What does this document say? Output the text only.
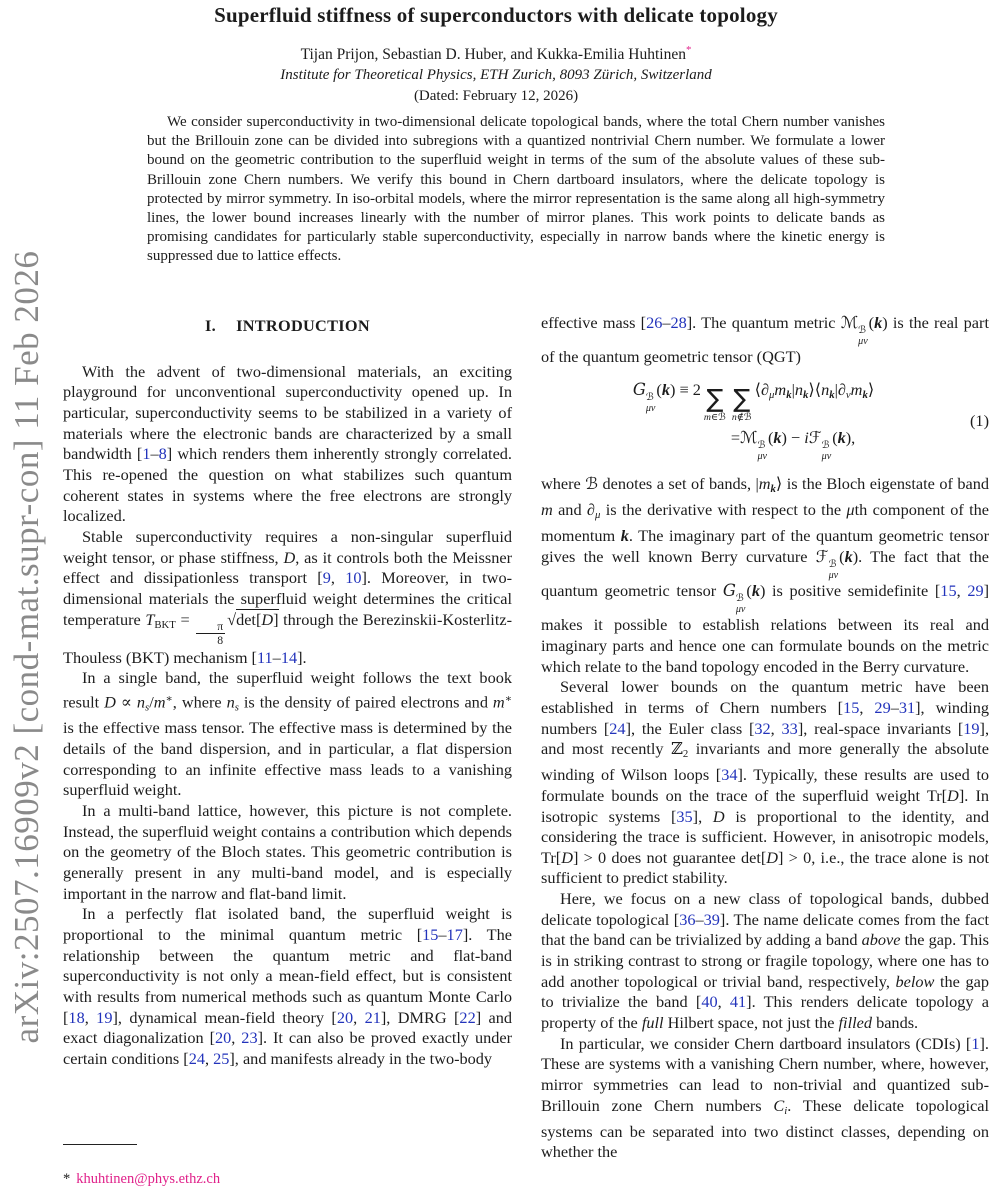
arXiv:2507.16909v2 [cond-mat.supr-con] 11 Feb 2026
Superfluid stiffness of superconductors with delicate topology
Tijan Prijon, Sebastian D. Huber, and Kukka-Emilia Huhtinen*
Institute for Theoretical Physics, ETH Zurich, 8093 Zürich, Switzerland
(Dated: February 12, 2026)
We consider superconductivity in two-dimensional delicate topological bands, where the total Chern number vanishes but the Brillouin zone can be divided into subregions with a quantized nontrivial Chern number. We formulate a lower bound on the geometric contribution to the superfluid weight in terms of the sum of the absolute values of these sub-Brillouin zone Chern numbers. We verify this bound in Chern dartboard insulators, where the delicate topology is protected by mirror symmetry. In iso-orbital models, where the mirror representation is the same along all high-symmetry lines, the lower bound increases linearly with the number of mirror planes. This work points to delicate bands as promising candidates for particularly stable superconductivity, especially in narrow bands where the kinetic energy is suppressed due to lattice effects.
I. INTRODUCTION

With the advent of two-dimensional materials, an exciting playground for unconventional superconductivity opened up. In particular, superconductivity seems to be stabilized in a variety of materials where the electronic bands are characterized by a small bandwidth [1–8] which renders them inherently strongly correlated. This re-opened the question on what stabilizes such quantum coherent states in systems where the free electrons are strongly localized.

Stable superconductivity requires a non-singular superfluid weight tensor, or phase stiffness, D, as it controls both the Meissner effect and dissipationless transport [9, 10]. Moreover, in two-dimensional materials the superfluid weight determines the critical temperature $T_{BKT}$ =
$\frac{\pi}{8}$
√det[D] through the Berezinskii-Kosterlitz-Thouless (BKT) mechanism [11–14].

In a single band, the superfluid weight follows the text book result $D \propto n_s/m^∗$, where $n_s$ is the density of paired electrons and m∗ is the effective mass tensor. The effective mass is determined by the details of the band dispersion, and in particular, a flat dispersion corresponding to an infinite effective mass leads to a vanishing superfluid weight.

In a multi-band lattice, however, this picture is not complete. Instead, the superfluid weight contains a contribution which depends on the geometry of the Bloch states. This geometric contribution is generally present in any multi-band model, and is especially important in the narrow and flat-band limit.

In a perfectly flat isolated band, the superfluid weight is proportional to the minimal quantum metric [15–17]. The relationship between the quantum metric and flat-band superconductivity is not only a mean-field effect, but is consistent with results from numerical methods such as quantum Monte Carlo [18, 19], dynamical mean-field theory [20, 21], DMRG [22] and exact diagonalization [20, 23]. It can also be proved exactly under certain conditions [24, 25], and manifests already in the two-body

effective mass [26–28]. The quantum metric ℳ ℬ
μν
(k) is the real part of the quantum geometric tensor (QGT)

G ℬ
μν
(k) ≡ 2 ∑
m∈ℬ
∑
n∉ℬ
$⟨\partial_\mu m_k|n_k⟩⟨n_k|\partial_\nu m_k⟩$
=ℳ ℬ
μν
(k) − iℱ ℬ
μν
(k),
(1)

where ℬ denotes a set of bands, $|m_k⟩$ is the Bloch eigenstate of band m and $\partial_\mu$ is the derivative with respect to the μth component of the momentum k. The imaginary part of the quantum geometric tensor gives the well known Berry curvature ℱ ℬ
μν
(k). The fact that the quantum geometric tensor G ℬ
μν
(k) is positive semidefinite [15, 29] makes it possible to establish relations between its real and imaginary parts and hence one can formulate bounds on the metric which relate to the band topology encoded in the Berry curvature.

Several lower bounds on the quantum metric have been established in terms of Chern numbers [15, 29–31], winding numbers [24], the Euler class [32, 33], real-space invariants [19], and most recently ℤ$_2$ invariants and more generally the absolute winding of Wilson loops [34]. Typically, these results are used to formulate bounds on the trace of the superfluid weight Tr[D]. In isotropic systems [35], D is proportional to the identity, and considering the trace is sufficient. However, in anisotropic models, Tr[D] > 0 does not guarantee det[D] > 0, i.e., the trace alone is not sufficient to predict stability.

Here, we focus on a new class of topological bands, dubbed delicate topological [36–39]. The name delicate comes from the fact that the band can be trivialized by adding a band above the gap. This is in striking contrast to strong or fragile topology, where one has to add another topological or trivial band, respectively, below the gap to trivialize the band [40, 41]. This renders delicate topology a property of the full Hilbert space, not just the filled bands.

In particular, we consider Chern dartboard insulators (CDIs) [1]. These are systems with a vanishing Chern number, where, however, mirror symmetries can lead to non-trivial and quantized sub-Brillouin zone Chern numbers $C_i$. These delicate topological systems can be separated into two distinct classes, depending on whether the

* khuhtinen@phys.ethz.ch
